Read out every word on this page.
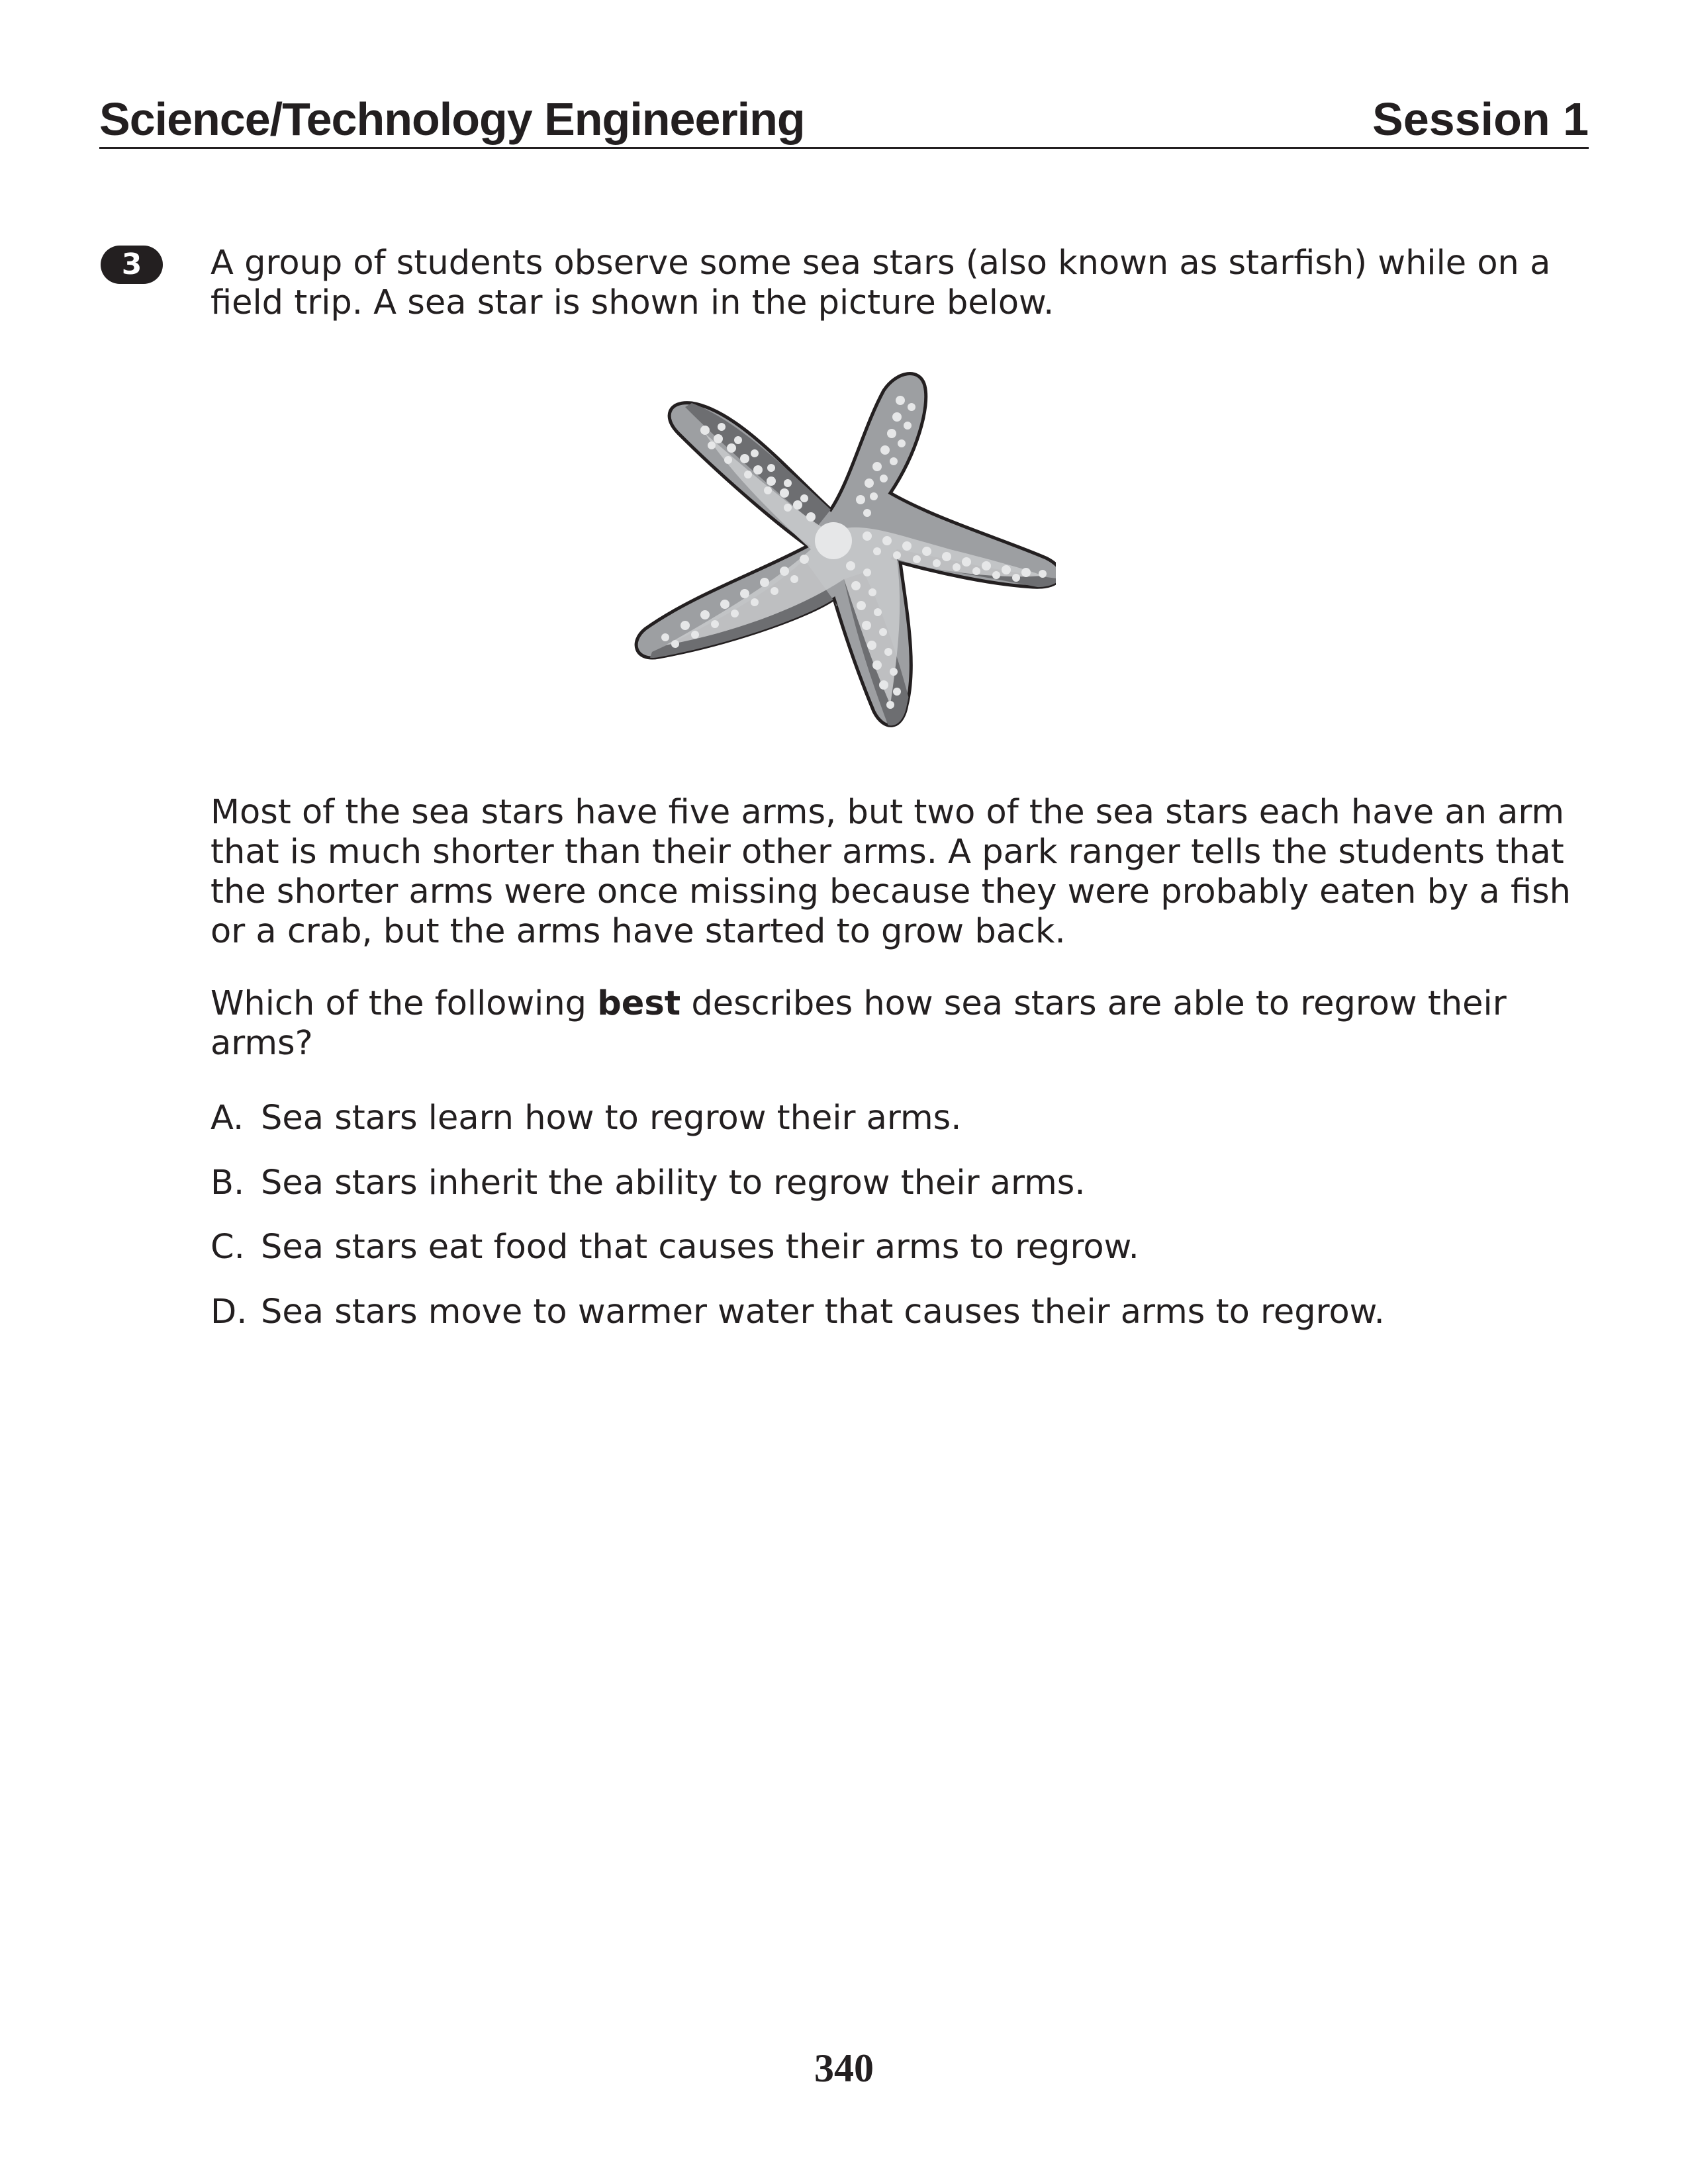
Science/Technology Engineering	Session 1
3	A group of students observe some sea stars (also known as starfish) while on a field trip. A sea star is shown in the picture below.

Most of the sea stars have five arms, but two of the sea stars each have an arm that is much shorter than their other arms. A park ranger tells the students that the shorter arms were once missing because they were probably eaten by a fish or a crab, but the arms have started to grow back.

Which of the following best describes how sea stars are able to regrow their arms?

A. Sea stars learn how to regrow their arms.
B. Sea stars inherit the ability to regrow their arms.
C. Sea stars eat food that causes their arms to regrow.
D. Sea stars move to warmer water that causes their arms to regrow.
340
